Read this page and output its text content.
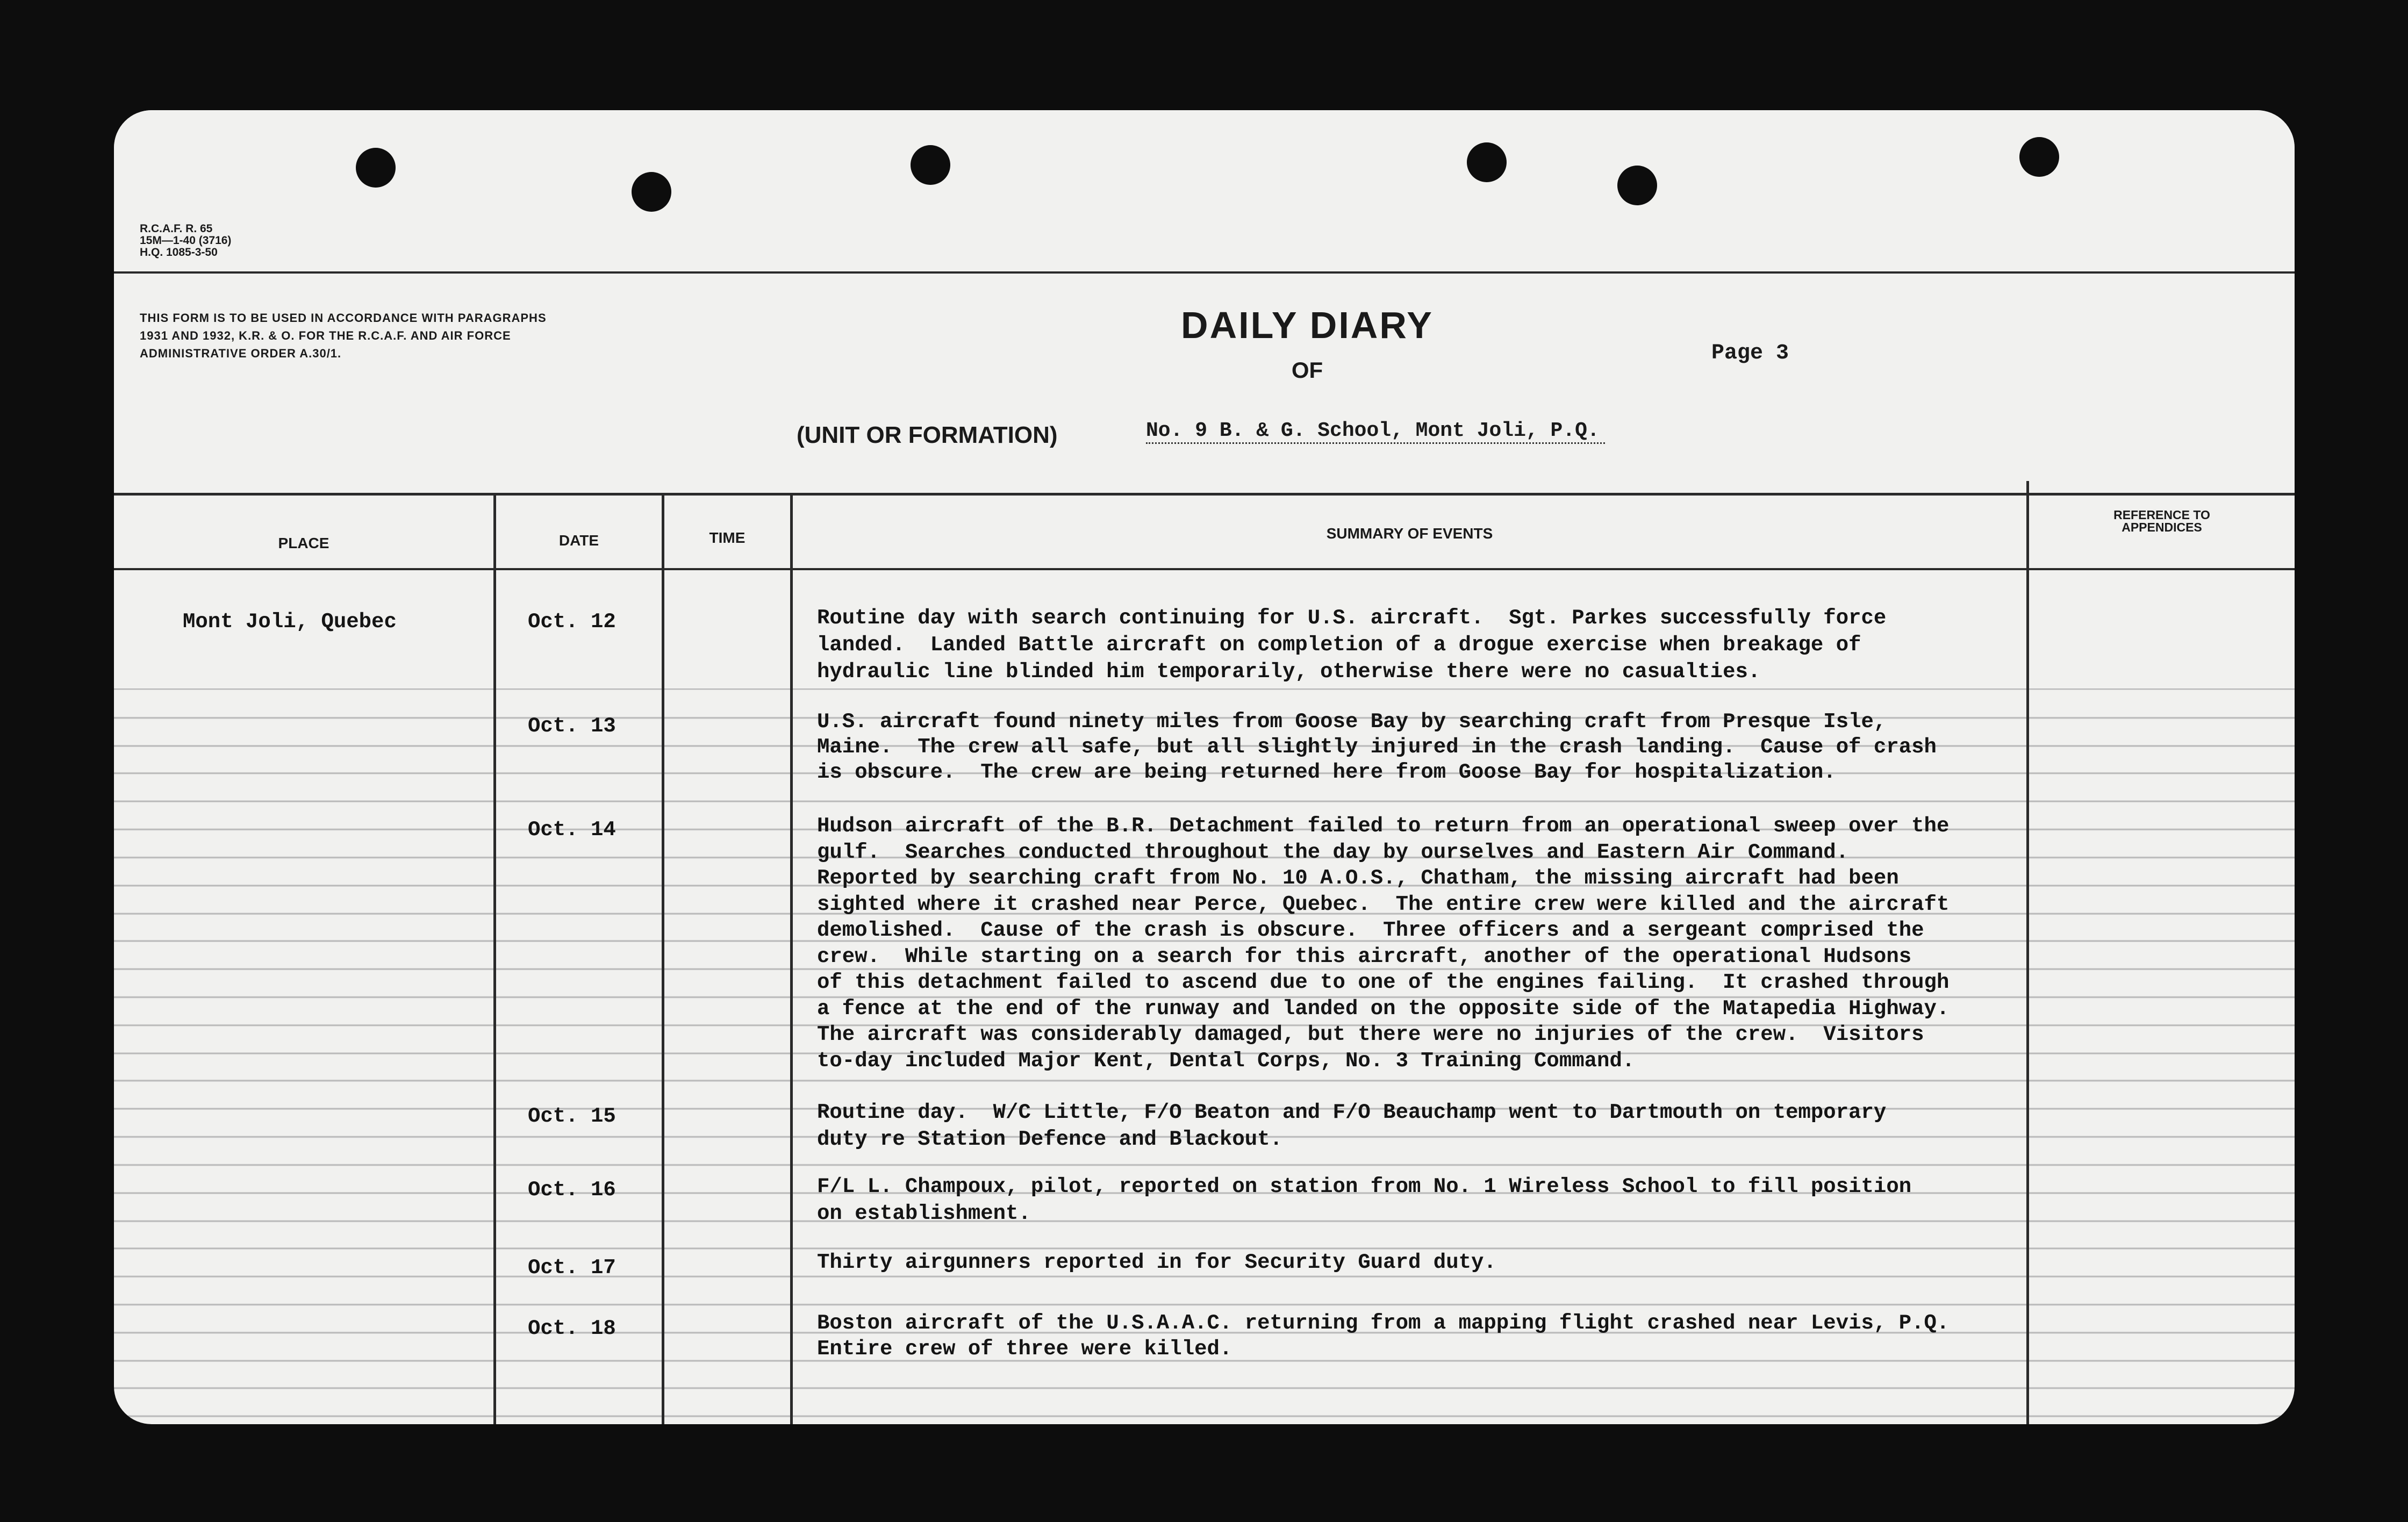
R.C.A.F. R. 65
15M—1-40 (3716)
H.Q. 1085-3-50
THIS FORM IS TO BE USED IN ACCORDANCE WITH PARAGRAPHS 1931 AND 1932, K.R. & O. FOR THE R.C.A.F. AND AIR FORCE ADMINISTRATIVE ORDER A.30/1.
DAILY DIARY
OF
Page 3
(UNIT OR FORMATION)	No. 9 B. & G. School, Mont Joli, P.Q.
PLACE	DATE	TIME	SUMMARY OF EVENTS
REFERENCE TO APPENDICES
Mont Joli, Quebec	Oct. 12	Routine day with search continuing for U.S. aircraft.  Sgt. Parkes successfully force
landed.  Landed Battle aircraft on completion of a drogue exercise when breakage of
hydraulic line blinded him temporarily, otherwise there were no casualties.
Oct. 13	U.S. aircraft found ninety miles from Goose Bay by searching craft from Presque Isle,
Maine.  The crew all safe, but all slightly injured in the crash landing.  Cause of crash
is obscure.  The crew are being returned here from Goose Bay for hospitalization.
Oct. 14	Hudson aircraft of the B.R. Detachment failed to return from an operational sweep over the
gulf.  Searches conducted throughout the day by ourselves and Eastern Air Command.
Reported by searching craft from No. 10 A.O.S., Chatham, the missing aircraft had been
sighted where it crashed near Perce, Quebec.  The entire crew were killed and the aircraft
demolished.  Cause of the crash is obscure.  Three officers and a sergeant comprised the
crew.  While starting on a search for this aircraft, another of the operational Hudsons
of this detachment failed to ascend due to one of the engines failing.  It crashed through
a fence at the end of the runway and landed on the opposite side of the Matapedia Highway.
The aircraft was considerably damaged, but there were no injuries of the crew.  Visitors
to-day included Major Kent, Dental Corps, No. 3 Training Command.
Oct. 15	Routine day.  W/C Little, F/O Beaton and F/O Beauchamp went to Dartmouth on temporary
duty re Station Defence and Blackout.
Oct. 16	F/L L. Champoux, pilot, reported on station from No. 1 Wireless School to fill position
on establishment.
Oct. 17	Thirty airgunners reported in for Security Guard duty.
Oct. 18	Boston aircraft of the U.S.A.A.C. returning from a mapping flight crashed near Levis, P.Q.
Entire crew of three were killed.
